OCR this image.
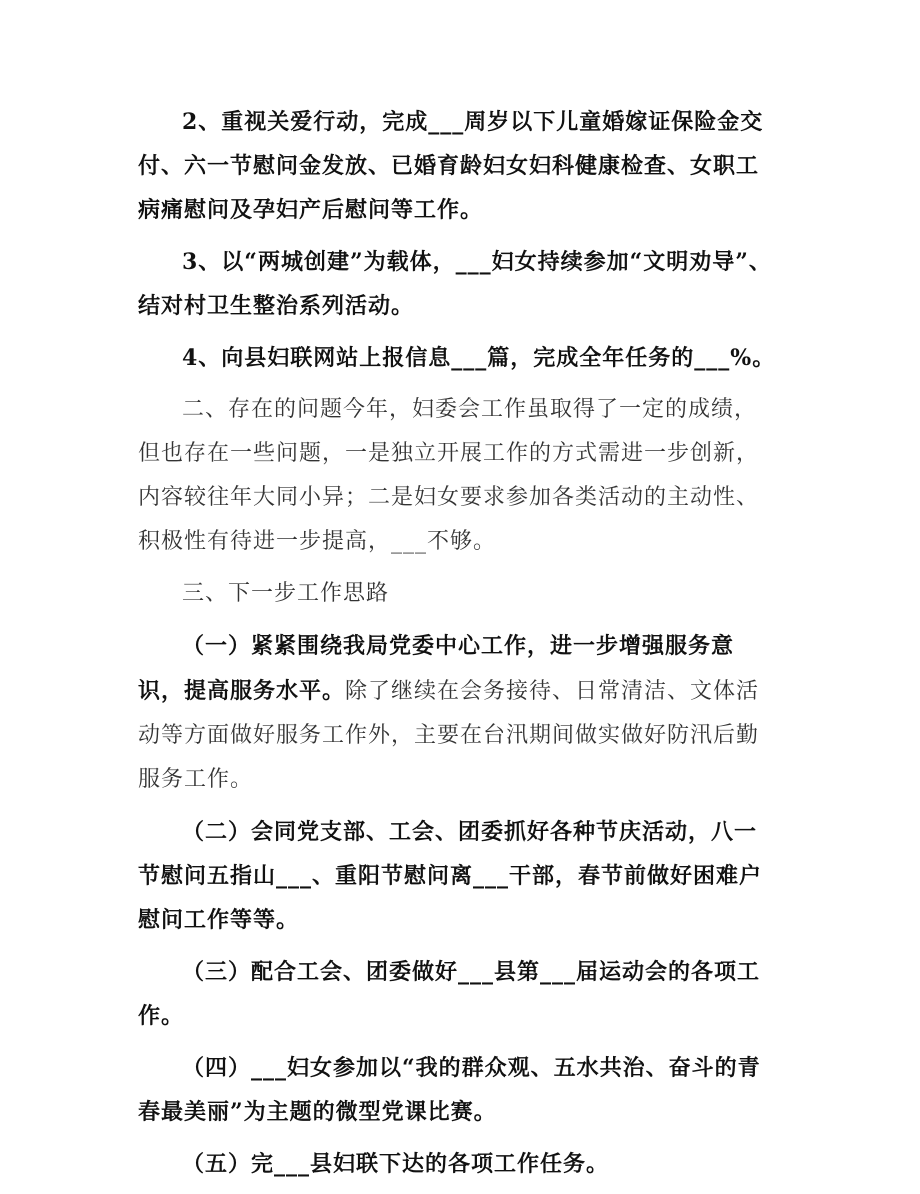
2、重视关爱行动，完成___周岁以下儿童婚嫁证保险金交付、六一节慰问金发放、已婚育龄妇女妇科健康检查、女职工病痛慰问及孕妇产后慰问等工作。

3、以“两城创建”为载体，___妇女持续参加“文明劝导”、结对村卫生整治系列活动。

4、向县妇联网站上报信息___篇，完成全年任务的___%。

二、存在的问题今年，妇委会工作虽取得了一定的成绩，但也存在一些问题，一是独立开展工作的方式需进一步创新，内容较往年大同小异；二是妇女要求参加各类活动的主动性、积极性有待进一步提高，___不够。

三、下一步工作思路

（一）紧紧围绕我局党委中心工作，进一步增强服务意识，提高服务水平。除了继续在会务接待、日常清洁、文体活动等方面做好服务工作外，主要在台汛期间做实做好防汛后勤服务工作。

（二）会同党支部、工会、团委抓好各种节庆活动，八一节慰问五指山___、重阳节慰问离___干部，春节前做好困难户慰问工作等等。

（三）配合工会、团委做好___县第___届运动会的各项工作。

（四）___妇女参加以“我的群众观、五水共治、奋斗的青春最美丽”为主题的微型党课比赛。

（五）完___县妇联下达的各项工作任务。
